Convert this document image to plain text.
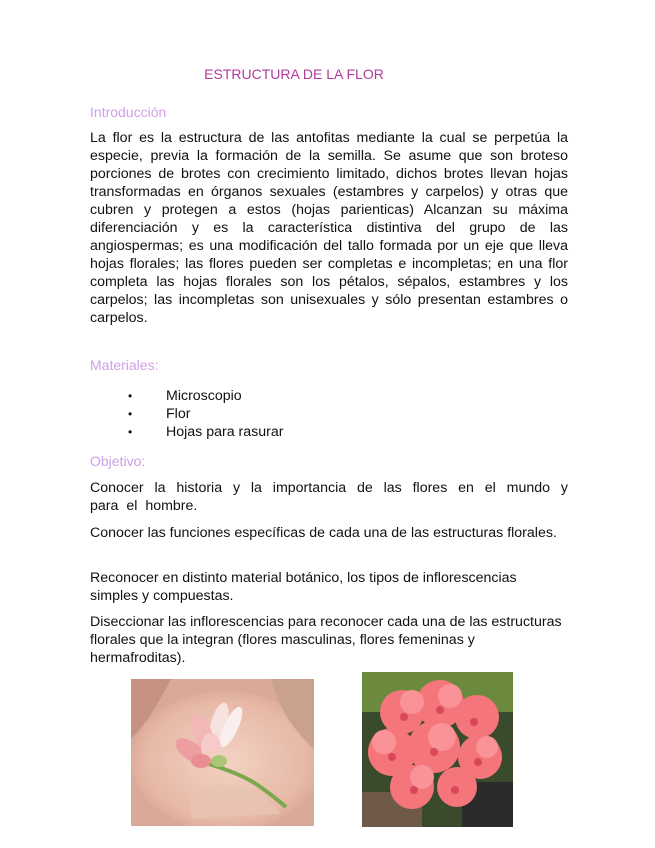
ESTRUCTURA DE LA FLOR
Introducción

La flor es la estructura de las antofitas mediante la cual se perpetúa la especie, previa la formación de la semilla. Se asume que son broteso porciones de brotes con crecimiento limitado, dichos brotes llevan hojas transformadas en órganos sexuales (estambres y carpelos) y otras que cubren y protegen a estos (hojas parienticas) Alcanzan su máxima diferenciación y es la característica distintiva del grupo de las angiospermas; es una modificación del tallo formada por un eje que lleva hojas florales; las flores pueden ser completas e incompletas; en una flor completa las hojas florales son los pétalos, sépalos, estambres y los carpelos; las incompletas son unisexuales y sólo presentan estambres o carpelos.

Materiales:
• Microscopio
• Flor
• Hojas para rasurar
Objetivo:

Conocer la historia y la importancia de las flores en el mundo y para el hombre.

Conocer las funciones específicas de cada una de las estructuras florales.

Reconocer en distinto material botánico, los tipos de inflorescencias simples y compuestas.

Diseccionar las inflorescencias para reconocer cada una de las estructuras florales que la integran (flores masculinas, flores femeninas y hermafroditas).
